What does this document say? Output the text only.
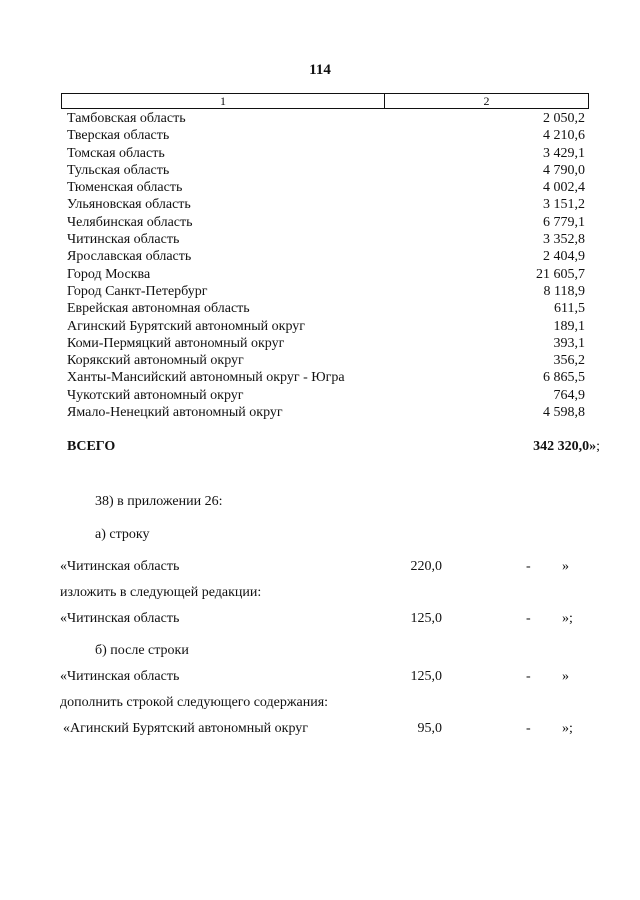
114
1	2
Тамбовская область	2 050,2
Тверская область	4 210,6
Томская область	3 429,1
Тульская область	4 790,0
Тюменская область	4 002,4
Ульяновская область	3 151,2
Челябинская область	6 779,1
Читинская область	3 352,8
Ярославская область	2 404,9
Город Москва	21 605,7
Город Санкт-Петербург	8 118,9
Еврейская автономная область	611,5
Агинский Бурятский автономный округ	189,1
Коми-Пермяцкий автономный округ	393,1
Корякский автономный округ	356,2
Ханты-Мансийский автономный округ - Югра	6 865,5
Чукотский автономный округ	764,9
Ямало-Ненецкий автономный округ	4 598,8
ВСЕГО	342 320,0»;
38) в приложении 26:
а) строку
«Читинская область	220,0	- »
изложить в следующей редакции:
«Читинская область	125,0	- »;
б) после строки
«Читинская область	125,0	- »
дополнить строкой следующего содержания:
«Агинский Бурятский автономный округ	95,0	- »;
